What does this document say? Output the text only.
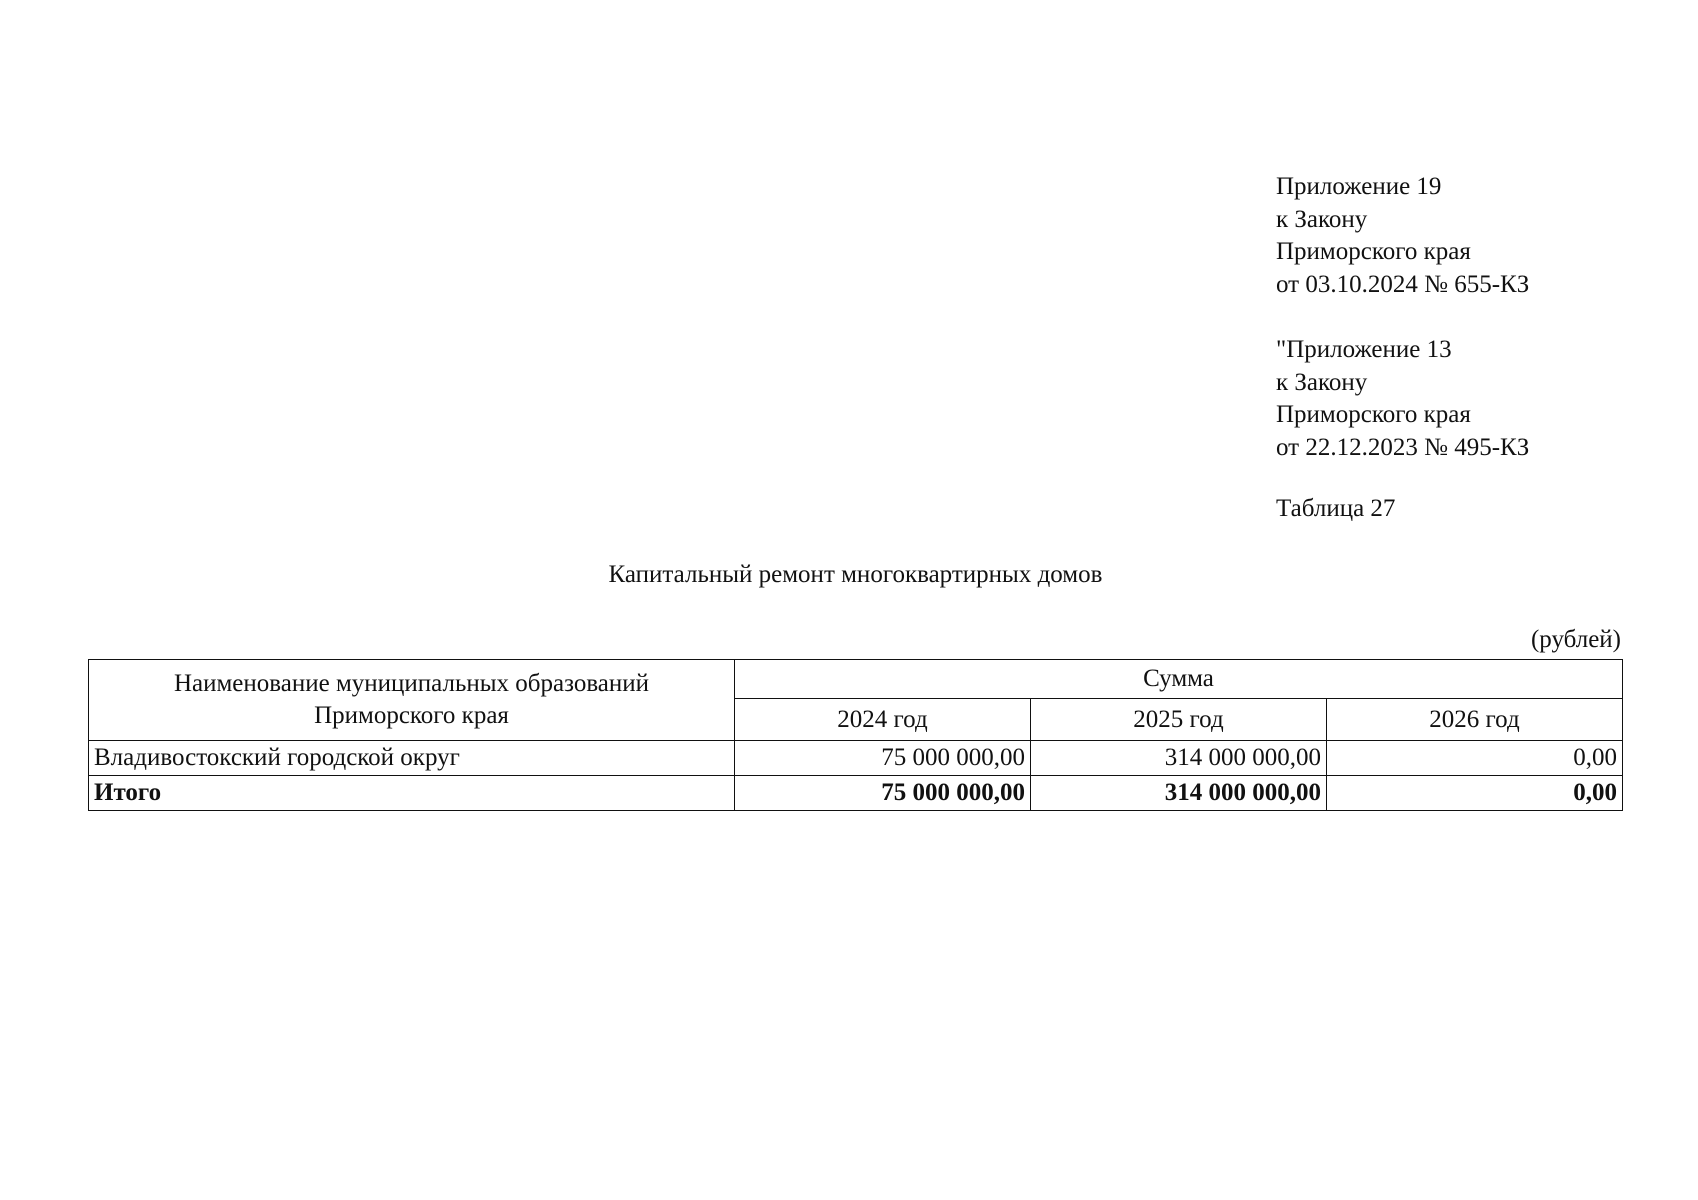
Приложение 19
к Закону
Приморского края
от 03.10.2024 № 655-КЗ
"Приложение 13
к Закону
Приморского края
от 22.12.2023 № 495-КЗ
Таблица 27
Капитальный ремонт многоквартирных домов
(рублей)
Наименование муниципальных образований
Приморского края	Сумма		
	2024 год	2025 год	2026 год
Владивостокский городской округ	75 000 000,00	314 000 000,00	0,00
Итого	75 000 000,00	314 000 000,00	0,00
